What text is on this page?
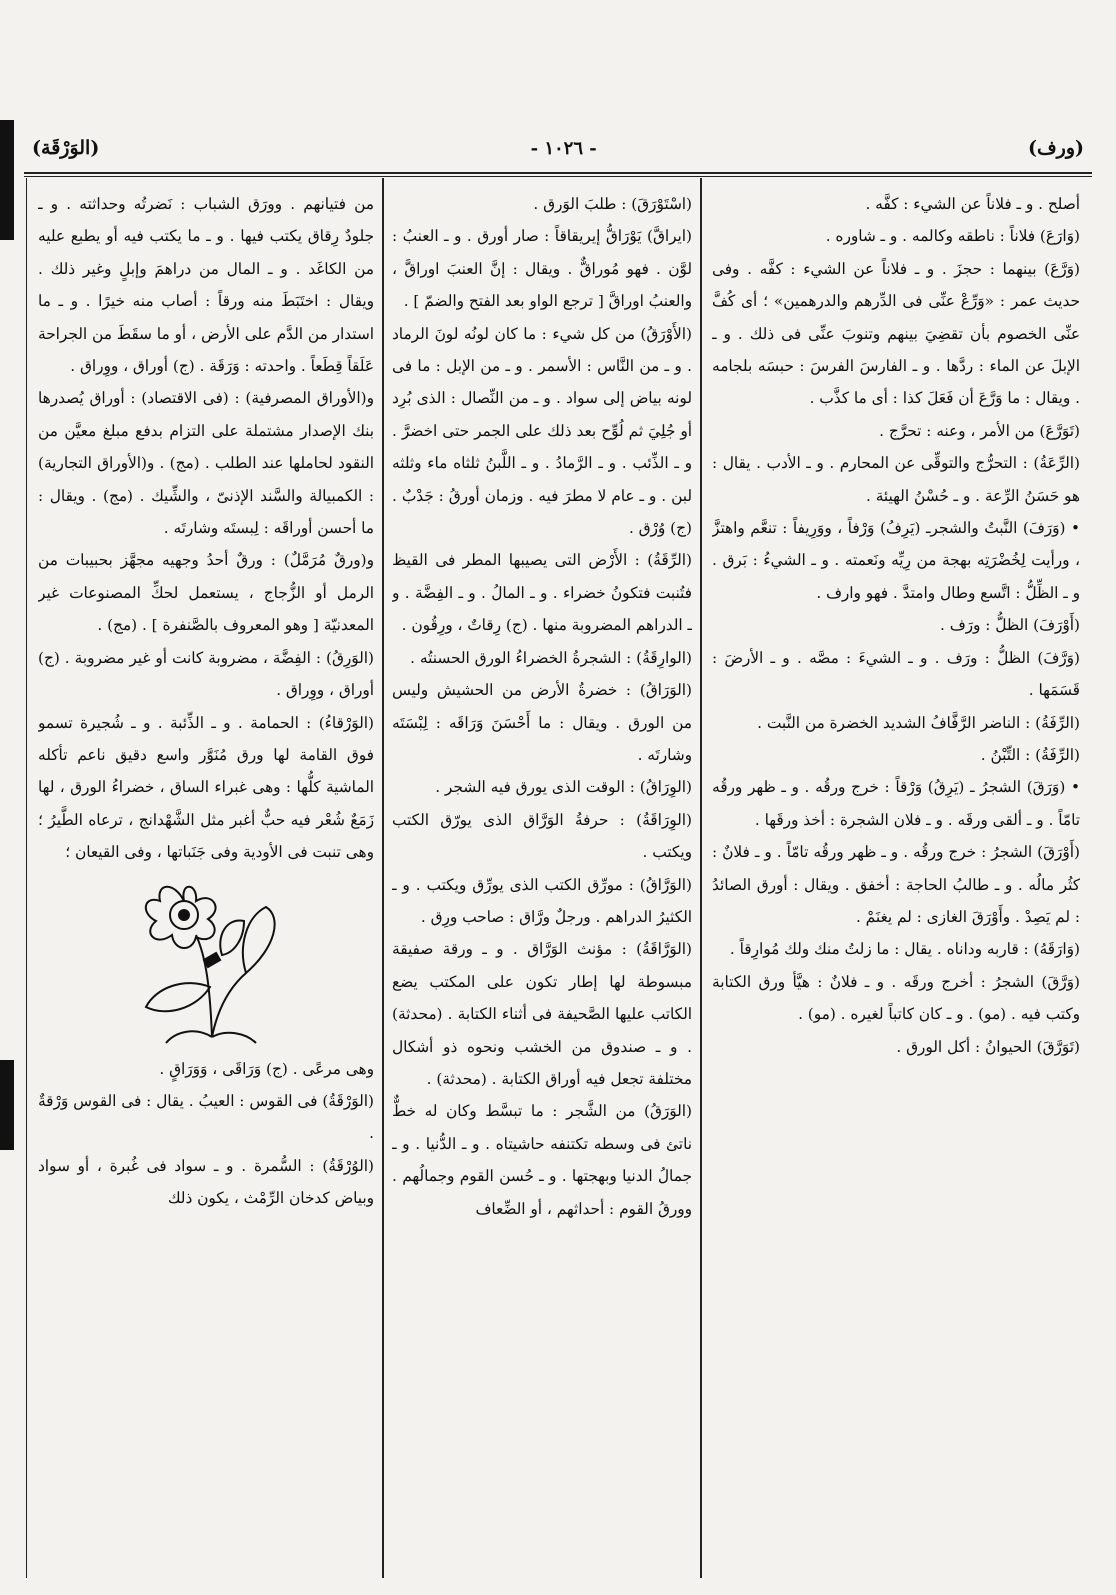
(ورف)
- ١٠٢٦ -
(الوَرْقَة)

أصلح . و ـ فلاناً عن الشيء : كفَّه .

(وَارَعَ) فلاناً : ناطقه وكالمه . و ـ شاوره .

(وَرَّعَ) بينهما : حجزَ . و ـ فلاناً عن الشيء : كفَّه . وفى حديث عمر : «وَرِّعْ عنِّى فى الدِّرهم والدرهمين» ؛ أى كُفَّ عنِّى الخصوم بأن تقضِيَ بينهم وتنوبَ عنِّى فى ذلك . و ـ الإبلَ عن الماء : ردَّها . و ـ الفارسَ الفرسَ : حبسَه بلجامه . ويقال : ما وَرَّعَ أن فَعَلَ كذا : أى ما كذَّب .

(تَوَرَّعَ) من الأمر ، وعنه : تحرَّج .

(الرِّعَةُ) : التحرُّج والتوقِّى عن المحارم . و ـ الأدب . يقال : هو حَسَنُ الرِّعة . و ـ حُسْنُ الهيئة .

• (وَرَفَ) النَّبتُ والشجرـ (يَرِفُ) وَرْفاً ، ووَرِيفاً : تنعَّم واهتزَّ ، ورأيت لِخُضْرَتِه بهجة من رِيِّه ونَعمته . و ـ الشيءُ : بَرق . و ـ الظِّلُّ : اتَّسع وطال وامتدَّ . فهو وارف .

(أَوْرَفَ) الظلُّ : ورَف .

(وَرَّفَ) الظلُّ : ورَف . و ـ الشيءَ : مصَّه . و ـ الأرضَ : قَسَمَها .

(الرِّفَةُ) : الناضر الرَّفَّافُ الشديد الخضرة من النَّبت .

(الرِّفَةُ) : التِّبْنُ .

• (وَرَقَ) الشجرُ ـ (يَرِقُ) وَرْقاً : خرج ورقُه . و ـ ظهر ورقُه تامّاً . و ـ ألقى ورقَه . و ـ فلان الشجرة : أخذ ورقَها .

(أَوْرَقَ) الشجرُ : خرج ورقُه . و ـ ظهر ورقُه تامّاً . و ـ فلانٌ : كثُر مالُه . و ـ طالبُ الحاجة : أخفق . ويقال : أورق الصائدُ : لم يَصِدْ . وأَوْرَقَ الغازى : لم يغنَمْ .

(وَارَقَهُ) : قاربه وداناه . يقال : ما زلتُ منك ولك مُوارِقاً .

(وَرَّقَ) الشجرُ : أخرج ورقَه . و ـ فلانٌ : هيَّأ ورق الكتابة وكتب فيه . (مو) . و ـ كان كاتباً لغيره . (مو) .

(تَوَرَّقَ) الحيوانُ : أكل الورق .

(اسْتَوْرَقَ) : طلبَ الوَرق .

(ايراقَّ) يَوْرَاقُّ إيريقاقاً : صار أورق . و ـ العنبُ : لوَّن . فهو مُوراقٌّ . ويقال : إنَّ العنبَ اوراقَّ ، والعنبُ اوراقَّ [ ترجع الواو بعد الفتح والضمّ ] .

(الأَوْرَقُ) من كل شيء : ما كان لونُه لونَ الرماد . و ـ من النَّاس : الأسمر . و ـ من الإبل : ما فى لونه بياض إلى سواد . و ـ من النِّصال : الذى بُرِد أو جُلِيَ ثم لُوِّح بعد ذلك على الجمر حتى اخضرَّ . و ـ الذِّئب . و ـ الرَّمادُ . و ـ اللَّبنُ ثلثاه ماء وثلثه لبن . و ـ عام لا مطرَ فيه . وزمان أورقُ : جَدْبٌ . (ج) وُرْق .

(الرِّقَةُ) : الأَرْض التى يصيبها المطر فى القيظ فتُنبت فتكونُ خضراء . و ـ المالُ . و ـ الفِضَّة . و ـ الدراهم المضروبة منها . (ج) رِقاتٌ ، ورِقُون .

(الوارِقَةُ) : الشجرةُ الخضراءُ الورق الحسنتُه .

(الوَرَاقُ) : خضرةُ الأرض من الحشيش وليس من الورق . ويقال : ما أَحْسَنَ وَرَاقَه : لِبْسَتَه وشارتَه .

(الوِرَاقُ) : الوقت الذى يورق فيه الشجر .

(الوِرَاقَةُ) : حرفةُ الوَرَّاق الذى يورّق الكتب ويكتب .

(الوَرَّاقُ) : مورِّق الكتب الذى يورِّق ويكتب . و ـ الكثيرُ الدراهم . ورجلٌ ورَّاق : صاحب ورِق .

(الوَرَّاقَةُ) : مؤنث الوَرَّاق . و ـ ورقة صفيقة مبسوطة لها إطار تكون على المكتب يضع الكاتب عليها الصَّحيفة فى أثناء الكتابة . (محدثة) . و ـ صندوق من الخشب ونحوه ذو أشكال مختلفة تجعل فيه أوراق الكتابة . (محدثة) .

(الوَرَقُ) من الشَّجر : ما تبسَّط وكان له خطٌّ ناتئ فى وسطه تكتنفه حاشيتاه . و ـ الدُّنيا . و ـ جمالُ الدنيا وبهجتها . و ـ حُسن القوم وجمالُهم . وورقُ القوم : أحداثهم ، أو الضِّعاف

من فتيانهم . وورَق الشباب : نَضرتُه وحداثته . و ـ جلودٌ رِقاق يكتب فيها . و ـ ما يكتب فيه أو يطبع عليه من الكاغَد . و ـ المال من دراهمَ وإبلٍ وغير ذلك . ويقال : اختَبَطَ منه ورقاً : أصاب منه خيرًا . و ـ ما استدار من الدَّم على الأرض ، أو ما سقَطَ من الجراحة عَلَقاً قِطَعاً . واحدته : وَرَقَة . (ج) أوراق ، ووِراق .

و(الأوراق المصرفية) : (فى الاقتصاد) : أوراق يُصدرها بنك الإصدار مشتملة على التزام بدفع مبلغ معيَّن من النقود لحاملها عند الطلب . (مج) . و(الأوراق التجارية) : الكمبيالة والسَّند الإذنىّ ، والشِّيك . (مج) . ويقال : ما أحسن أوراقَه : لِبستَه وشارتَه .

و(ورقٌ مُرَمَّلٌ) : ورقٌ أحدُ وجهيه مجهَّز بحبيبات من الرمل أو الزُّجاج ، يستعمل لحكِّ المصنوعات غير المعدنيّة [ وهو المعروف بالصَّنفرة ] . (مج) .

(الوَرِقُ) : الفِضَّة ، مضروبة كانت أو غير مضروبة . (ج) أوراق ، ووِراق .

(الوَرْقاءُ) : الحمامة . و ـ الذِّئبة . و ـ شُجيرة تسمو فوق القامة لها ورق مُنَوَّر واسع دقيق ناعم تأكله الماشية كلُّها : وهى غبراء الساق ، خضراءُ الورق ، لها زَمَعٌ شُعْر فيه حبٌّ أغبر مثل الشَّهْدانج ، ترعاه الطَّيرُ ؛ وهى تنبت فى الأودية وفى جَنَباتها ، وفى القيعان ؛

وهى مرعًى . (ج) وَرَاقَى ، وَوَرَاقٍ .

(الوَرْقَةُ) فى القوس : العيبُ . يقال : فى القوس وَرْقةٌ .

(الوُرْقَةُ) : السُّمرة . و ـ سواد فى غُبرة ، أو سواد وبياض كدخان الرِّمْث ، يكون ذلك
